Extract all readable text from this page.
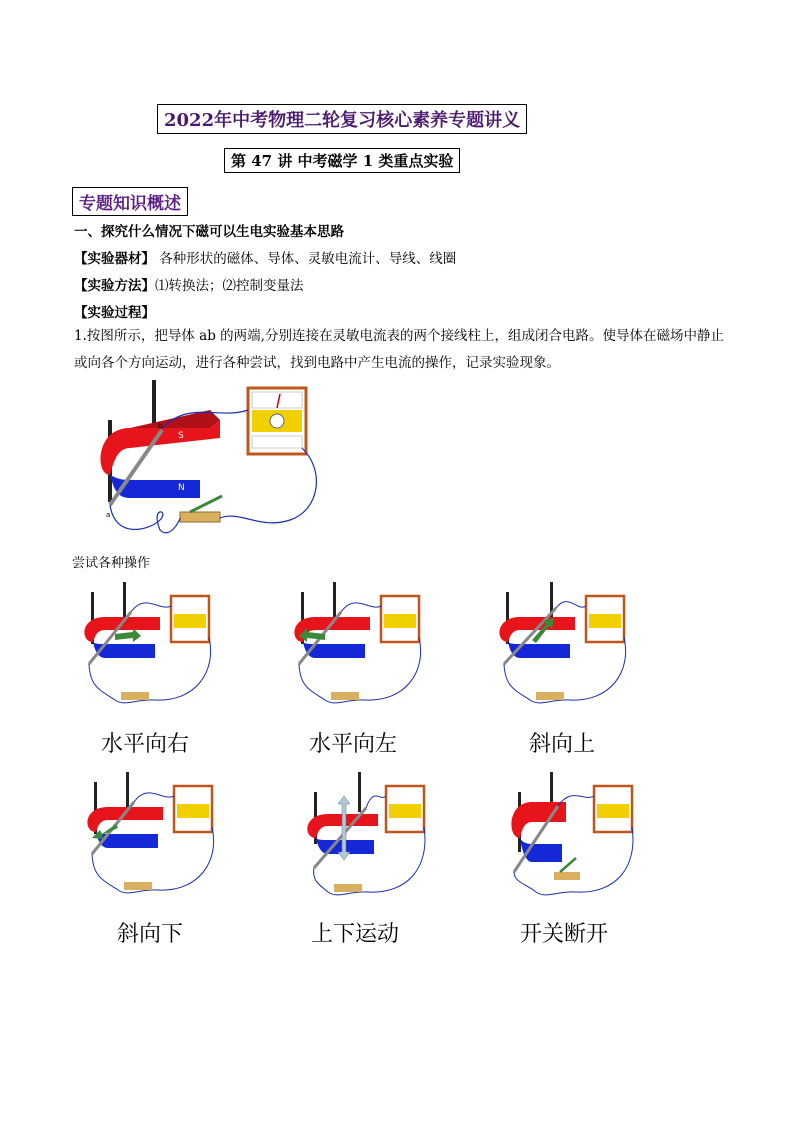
2022年中考物理二轮复习核心素养专题讲义
第 47 讲 中考磁学 1 类重点实验
专题知识概述
一、探究什么情况下磁可以生电实验基本思路
【实验器材】 各种形状的磁体、导体、灵敏电流计、导线、线圈
【实验方法】⑴转换法；⑵控制变量法
【实验过程】
1.按图所示，把导体 ab 的两端,分别连接在灵敏电流表的两个接线柱上，组成闭合电路。使导体在磁场中静止或向各个方向运动，进行各种尝试，找到电路中产生电流的操作，记录实验现象。
S
N
a
b
尝试各种操作
水平向右	水平向左	斜向上
斜向下	上下运动	开关断开
